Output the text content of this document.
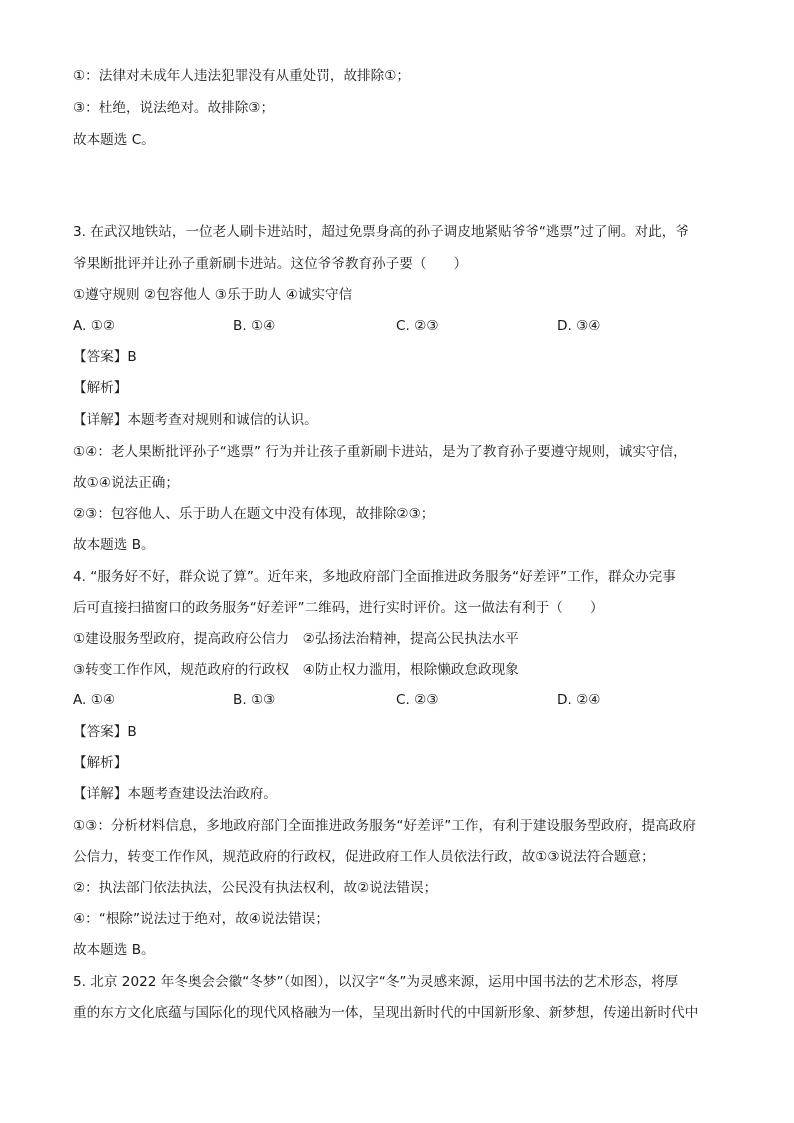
①：法律对未成年人违法犯罪没有从重处罚，故排除①；
③：杜绝，说法绝对。故排除③；
故本题选 C。
3. 在武汉地铁站，一位老人刷卡进站时，超过免票身高的孙子调皮地紧贴爷爷“逃票”过了闸。对此，爷
爷果断批评并让孙子重新刷卡进站。这位爷爷教育孙子要（　　）
①遵守规则 ②包容他人 ③乐于助人 ④诚实守信
A. ①②	B. ①④	C. ②③	D. ③④
【答案】B
【解析】
【详解】本题考查对规则和诚信的认识。
①④：老人果断批评孙子“逃票” 行为并让孩子重新刷卡进站，是为了教育孙子要遵守规则，诚实守信，
故①④说法正确；
②③：包容他人、乐于助人在题文中没有体现，故排除②③；
故本题选 B。
4. “服务好不好，群众说了算”。近年来，多地政府部门全面推进政务服务“好差评”工作，群众办完事
后可直接扫描窗口的政务服务“好差评”二维码，进行实时评价。这一做法有利于（　　）
①建设服务型政府，提高政府公信力　②弘扬法治精神，提高公民执法水平
③转变工作作风，规范政府的行政权　④防止权力滥用，根除懒政怠政现象
A. ①④	B. ①③	C. ②③	D. ②④
【答案】B
【解析】
【详解】本题考查建设法治政府。
①③：分析材料信息，多地政府部门全面推进政务服务“好差评”工作，有利于建设服务型政府，提高政府
公信力，转变工作作风，规范政府的行政权，促进政府工作人员依法行政，故①③说法符合题意；
②：执法部门依法执法，公民没有执法权利，故②说法错误；
④：“根除”说法过于绝对，故④说法错误；
故本题选 B。
5. 北京 2022 年冬奥会会徽“冬梦”（如图），以汉字“冬”为灵感来源，运用中国书法的艺术形态，将厚
重的东方文化底蕴与国际化的现代风格融为一体，呈现出新时代的中国新形象、新梦想，传递出新时代中
